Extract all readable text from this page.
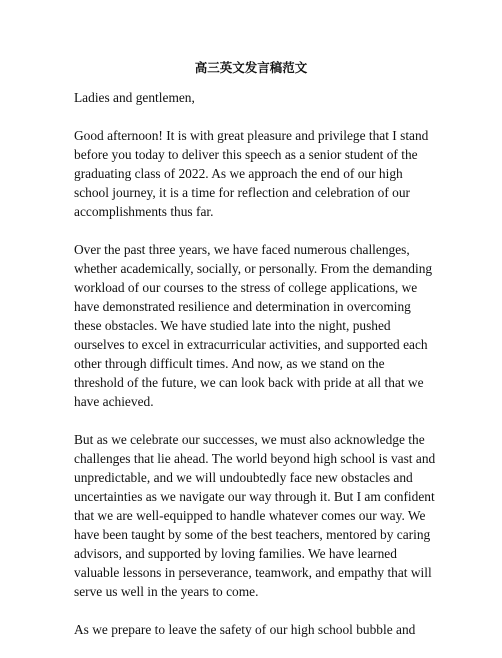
高三英文发言稿范文

Ladies and gentlemen,

Good afternoon! It is with great pleasure and privilege that I stand
before you today to deliver this speech as a senior student of the
graduating class of 2022. As we approach the end of our high
school journey, it is a time for reflection and celebration of our
accomplishments thus far.

Over the past three years, we have faced numerous challenges,
whether academically, socially, or personally. From the demanding
workload of our courses to the stress of college applications, we
have demonstrated resilience and determination in overcoming
these obstacles. We have studied late into the night, pushed
ourselves to excel in extracurricular activities, and supported each
other through difficult times. And now, as we stand on the
threshold of the future, we can look back with pride at all that we
have achieved.

But as we celebrate our successes, we must also acknowledge the
challenges that lie ahead. The world beyond high school is vast and
unpredictable, and we will undoubtedly face new obstacles and
uncertainties as we navigate our way through it. But I am confident
that we are well-equipped to handle whatever comes our way. We
have been taught by some of the best teachers, mentored by caring
advisors, and supported by loving families. We have learned
valuable lessons in perseverance, teamwork, and empathy that will
serve us well in the years to come.

As we prepare to leave the safety of our high school bubble and
